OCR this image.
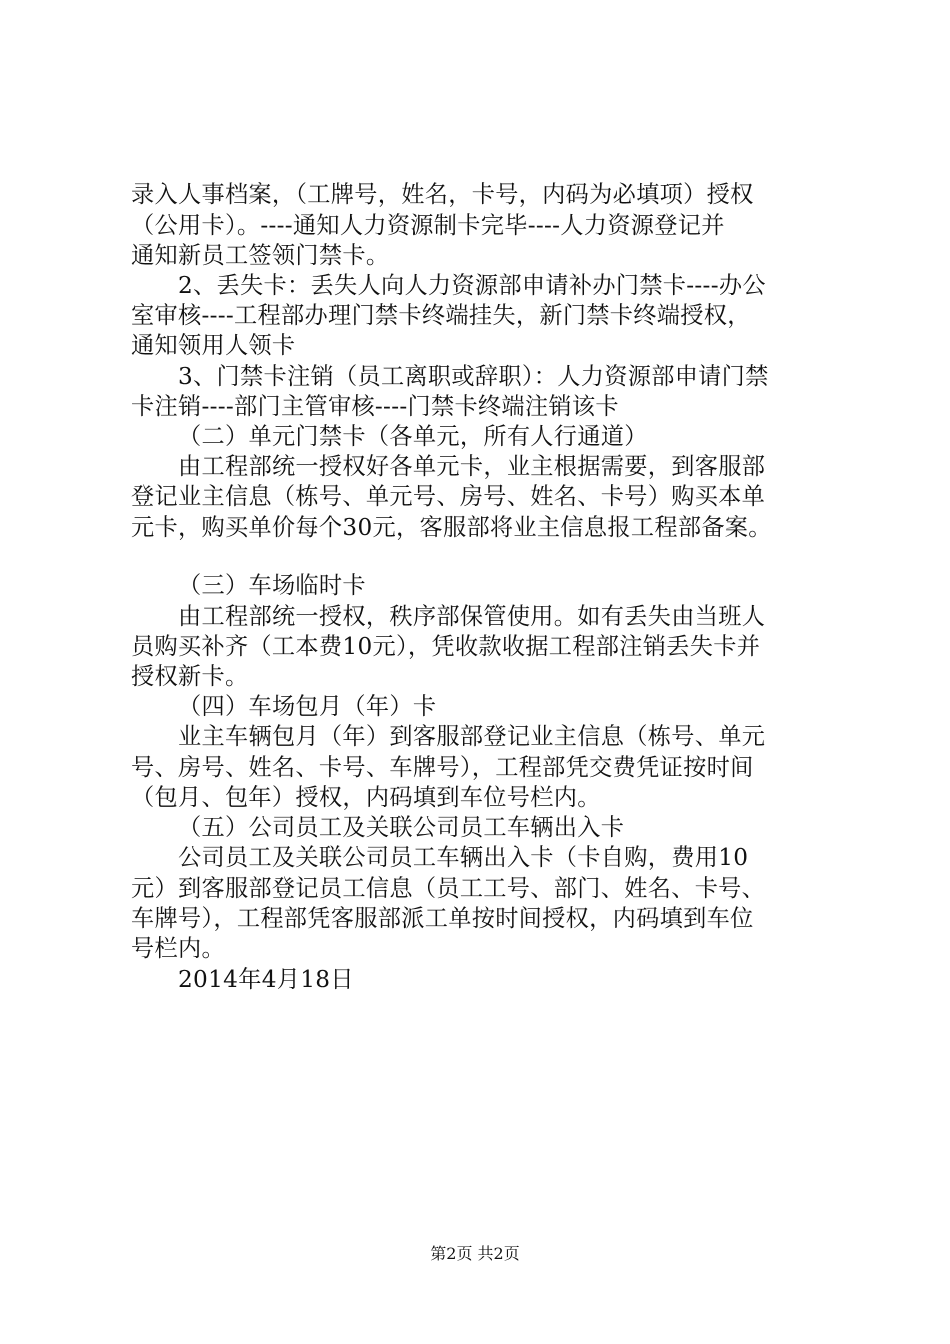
录入人事档案，（工牌号，姓名，卡号，内码为必填项）授权
（公用卡）。----通知人力资源制卡完毕----人力资源登记并
通知新员工签领门禁卡。
2、丢失卡：丢失人向人力资源部申请补办门禁卡----办公
室审核----工程部办理门禁卡终端挂失，新门禁卡终端授权，
通知领用人领卡
3、门禁卡注销（员工离职或辞职）：人力资源部申请门禁
卡注销----部门主管审核----门禁卡终端注销该卡
（二）单元门禁卡（各单元，所有人行通道）
由工程部统一授权好各单元卡，业主根据需要，到客服部
登记业主信息（栋号、单元号、房号、姓名、卡号）购买本单
元卡，购买单价每个30元，客服部将业主信息报工程部备案。
（三）车场临时卡
由工程部统一授权，秩序部保管使用。如有丢失由当班人
员购买补齐（工本费10元），凭收款收据工程部注销丢失卡并
授权新卡。
（四）车场包月（年）卡
业主车辆包月（年）到客服部登记业主信息（栋号、单元
号、房号、姓名、卡号、车牌号），工程部凭交费凭证按时间
（包月、包年）授权，内码填到车位号栏内。
（五）公司员工及关联公司员工车辆出入卡
公司员工及关联公司员工车辆出入卡（卡自购，费用10
元）到客服部登记员工信息（员工工号、部门、姓名、卡号、
车牌号），工程部凭客服部派工单按时间授权，内码填到车位
号栏内。
2014年4月18日
第2页 共2页
